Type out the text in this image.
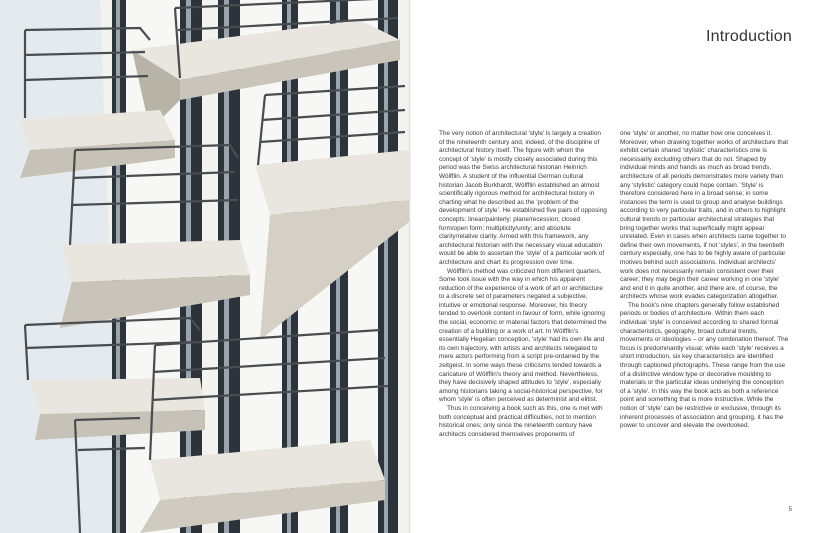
Introduction

The very notion of architectural 'style' is largely a creation of the nineteenth century and, indeed, of the discipline of architectural history itself. The figure with whom the concept of 'style' is mostly closely associated during this period was the Swiss architectural historian Heinrich Wölfflin. A student of the influential German cultural historian Jacob Burkhardt, Wölfflin established an almost scientifically rigorous method for architectural history in charting what he described as the 'problem of the development of style'. He established five pairs of opposing concepts: linear/painterly; plane/recession; closed form/open form; multiplicity/unity; and absolute clarity/relative clarity. Armed with this framework, any architectural historian with the necessary visual education would be able to ascertain the 'style' of a particular work of architecture and chart its progression over time.

Wölfflin's method was criticized from different quarters. Some took issue with the way in which his apparent reduction of the experience of a work of art or architecture to a discrete set of parameters negated a subjective, intuitive or emotional response. Moreover, his theory tended to overlook content in favour of form, while ignoring the social, economic or material factors that determined the creation of a building or a work of art. In Wölfflin's essentially Hegelian conception, 'style' had its own life and its own trajectory, with artists and architects relegated to mere actors performing from a script pre-ordained by the zeitgeist. In some ways these criticisms tended towards a caricature of Wölfflin's theory and method. Nevertheless, they have decisively shaped attitudes to 'style', especially among historians taking a social-historical perspective, for whom 'style' is often perceived as determinist and elitist.

Thus in conceiving a book such as this, one is met with both conceptual and practical difficulties, not to mention historical ones; only since the nineteenth century have architects considered themselves proponents of

one 'style' or another, no matter how one conceives it. Moreover, when drawing together works of architecture that exhibit certain shared 'stylistic' characteristics one is necessarily excluding others that do not. Shaped by individual minds and hands as much as broad trends, architecture of all periods demonstrates more variety than any 'stylistic' category could hope contain. 'Style' is therefore considered here in a broad sense; in some instances the term is used to group and analyse buildings according to very particular traits, and in others to highlight cultural trends or particular architectural strategies that bring together works that superficially might appear unrelated. Even in cases when architects came together to define their own movements, if not 'styles', in the twentieth century especially, one has to be highly aware of particular motives behind such associations. Individual architects' work does not necessarily remain consistent over their career; they may begin their career working in one 'style' and end it in quite another, and there are, of course, the architects whose work evades categorization altogether.

The book's nine chapters generally follow established periods or bodies of architecture. Within them each individual 'style' is conceived according to shared formal characteristics, geography, broad cultural trends, movements or ideologies – or any combination thereof. The focus is predominantly visual; while each 'style' receives a short introduction, six key characteristics are identified through captioned photographs. These range from the use of a distinctive window type or decorative moulding to materials or the particular ideas underlying the conception of a 'style'. In this way the book acts as both a reference point and something that is more instructive. While the notion of 'style' can be restrictive or exclusive, through its inherent processes of association and grouping, it has the power to uncover and elevate the overlooked.

5
